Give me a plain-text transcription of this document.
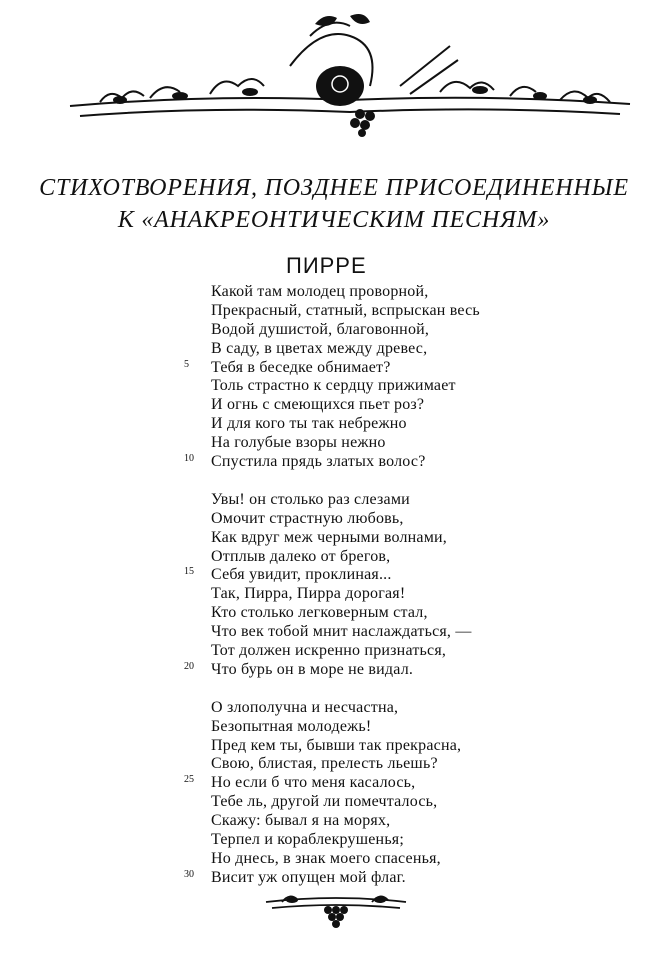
СТИХОТВОРЕНИЯ, ПОЗДНЕЕ ПРИСОЕДИНЕННЫЕ
К «АНАКРЕОНТИЧЕСКИМ ПЕСНЯМ»
ПИРРЕ
Какой там молодец проворной,
Прекрасный, статный, вспрыскан весь
Водой душистой, благовонной,
В саду, в цветах между древес,
5 Тебя в беседке обнимает?
Толь страстно к сердцу прижимает
И огнь с смеющихся пьет роз?
И для кого ты так небрежно
На голубые взоры нежно
10 Спустила прядь златых волос?
Увы! он столько раз слезами
Омочит страстную любовь,
Как вдруг меж черными волнами,
Отплыв далеко от брегов,
15 Себя увидит, проклиная...
Так, Пирра, Пирра дорогая!
Кто столько легковерным стал,
Что век тобой мнит наслаждаться, —
Тот должен искренно признаться,
20 Что бурь он в море не видал.
О злополучна и несчастна,
Безопытная молодежь!
Пред кем ты, бывши так прекрасна,
Свою, блистая, прелесть льешь?
25 Но если б что меня касалось,
Тебе ль, другой ли помечталось,
Скажу: бывал я на морях,
Терпел и кораблекрушенья;
Но днесь, в знак моего спасенья,
30 Висит уж опущен мой флаг.
